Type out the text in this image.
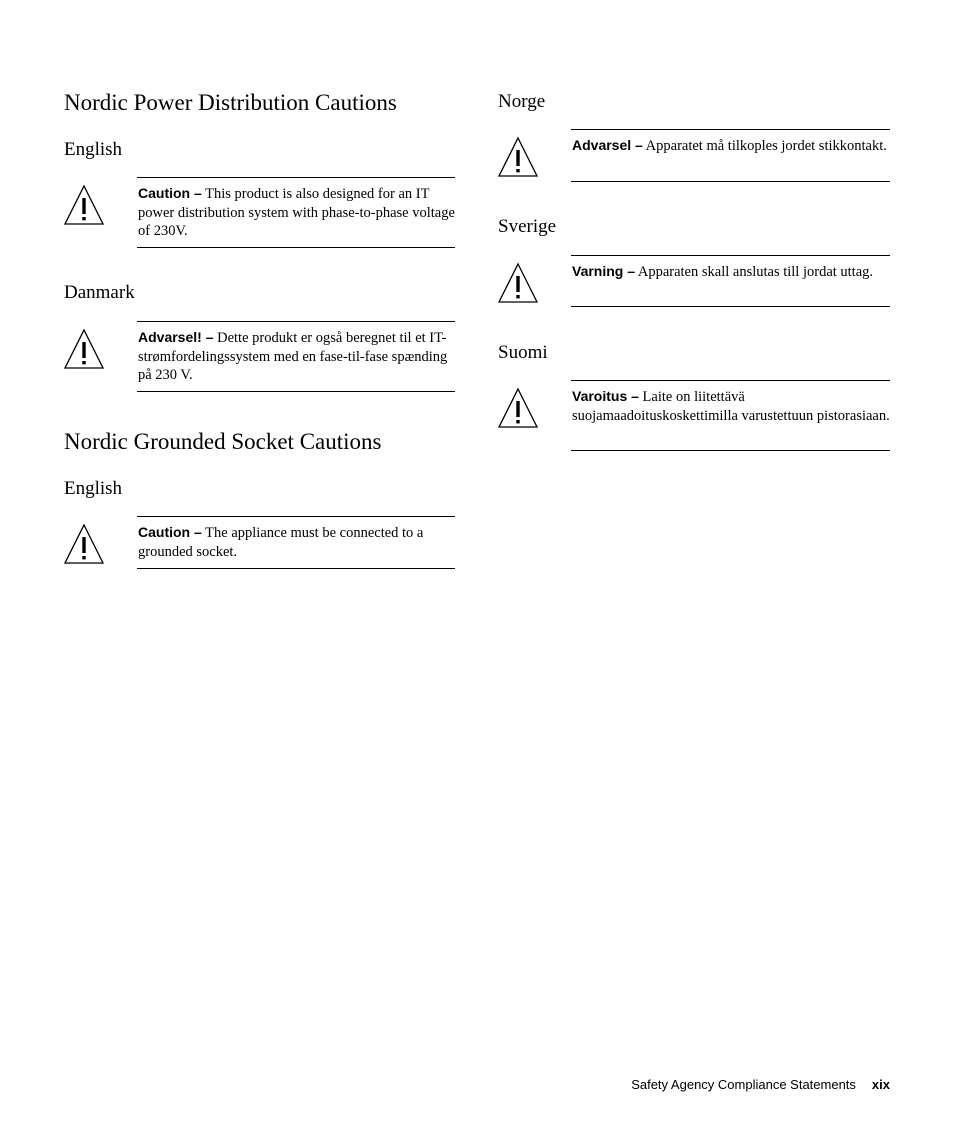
Nordic Power Distribution Cautions
English

Caution – This product is also designed for an IT power distribution system with phase-to-phase voltage of 230V.

Danmark

Advarsel! – Dette produkt er også beregnet til et IT-strømfordelingssystem med en fase-til-fase spænding på 230 V.

Nordic Grounded Socket Cautions
English

Caution – The appliance must be connected to a grounded socket.

Norge

Advarsel – Apparatet må tilkoples jordet stikkontakt.

Sverige

Varning – Apparaten skall anslutas till jordat uttag.

Suomi

Varoitus – Laite on liitettävä suojamaadoituskoskettimilla varustettuun pistorasiaan.

Safety Agency Compliance Statements xix
